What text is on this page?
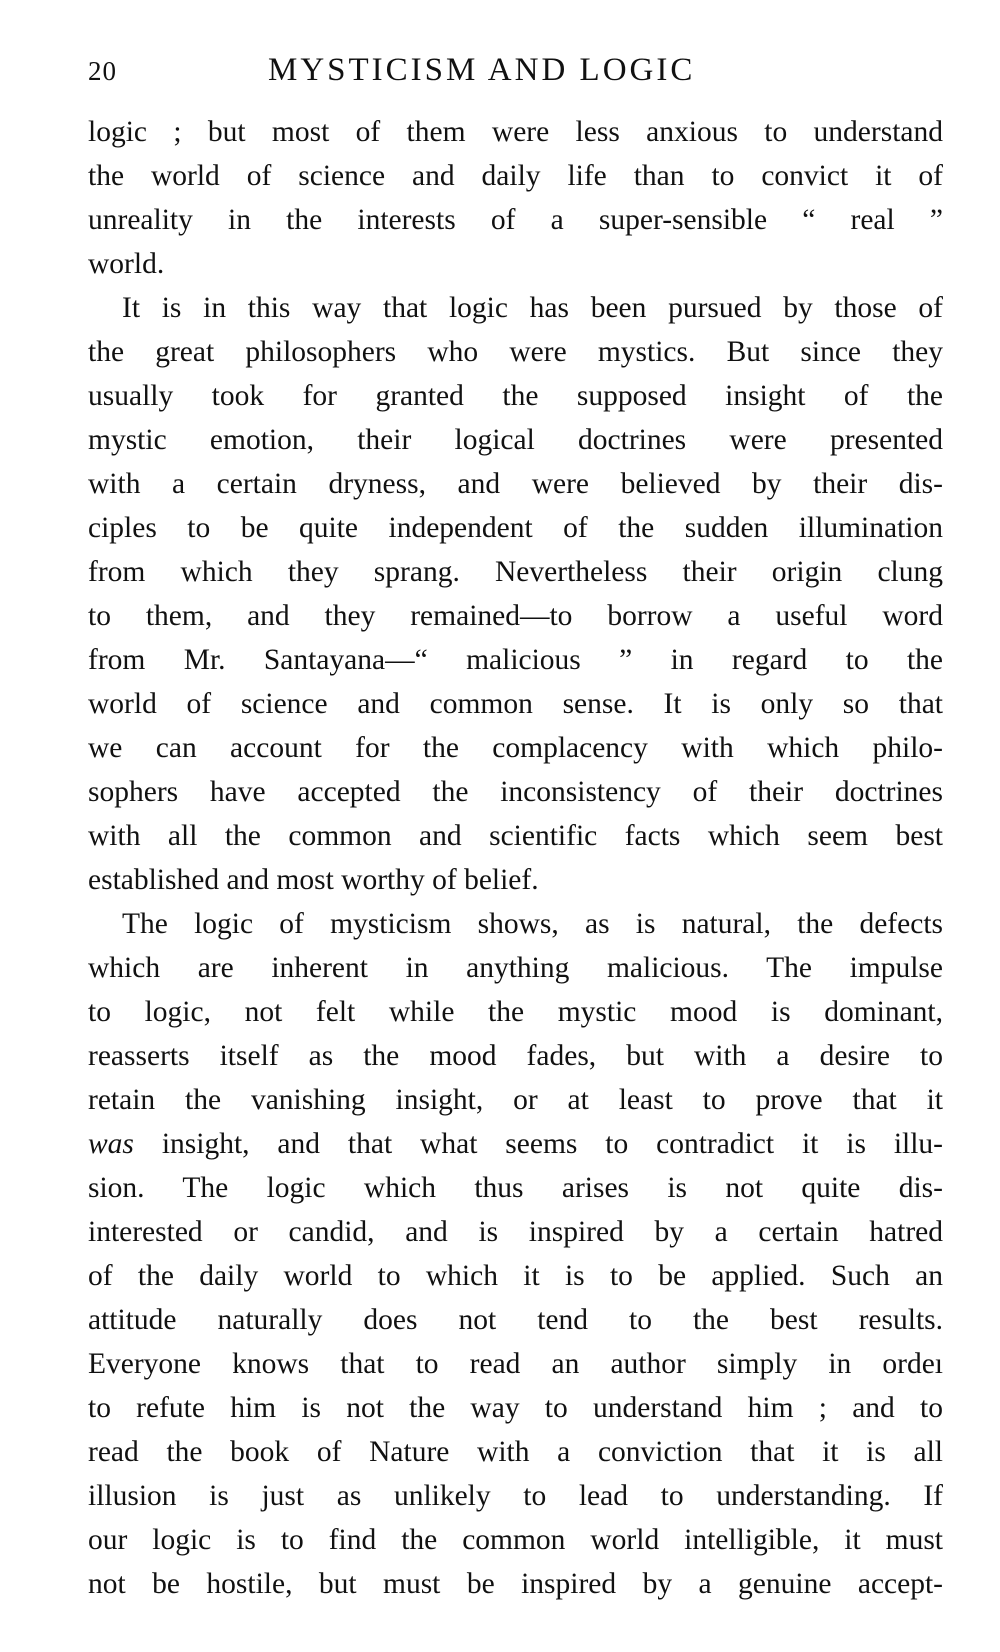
20	MYSTICISM AND LOGIC
logic ; but most of them were less anxious to understand
the world of science and daily life than to convict it of
unreality in the interests of a super-sensible “ real ”
world.
It is in this way that logic has been pursued by those of
the great philosophers who were mystics. But since they
usually took for granted the supposed insight of the
mystic emotion, their logical doctrines were presented
with a certain dryness, and were believed by their dis-
ciples to be quite independent of the sudden illumination
from which they sprang. Nevertheless their origin clung
to them, and they remained—to borrow a useful word
from Mr. Santayana—“ malicious ” in regard to the
world of science and common sense. It is only so that
we can account for the complacency with which philo-
sophers have accepted the inconsistency of their doctrines
with all the common and scientific facts which seem best
established and most worthy of belief.
The logic of mysticism shows, as is natural, the defects
which are inherent in anything malicious. The impulse
to logic, not felt while the mystic mood is dominant,
reasserts itself as the mood fades, but with a desire to
retain the vanishing insight, or at least to prove that it
was insight, and that what seems to contradict it is illu-
sion. The logic which thus arises is not quite dis-
interested or candid, and is inspired by a certain hatred
of the daily world to which it is to be applied. Such an
attitude naturally does not tend to the best results.
Everyone knows that to read an author simply in ordeı
to refute him is not the way to understand him ; and to
read the book of Nature with a conviction that it is all
illusion is just as unlikely to lead to understanding. If
our logic is to find the common world intelligible, it must
not be hostile, but must be inspired by a genuine accept-
